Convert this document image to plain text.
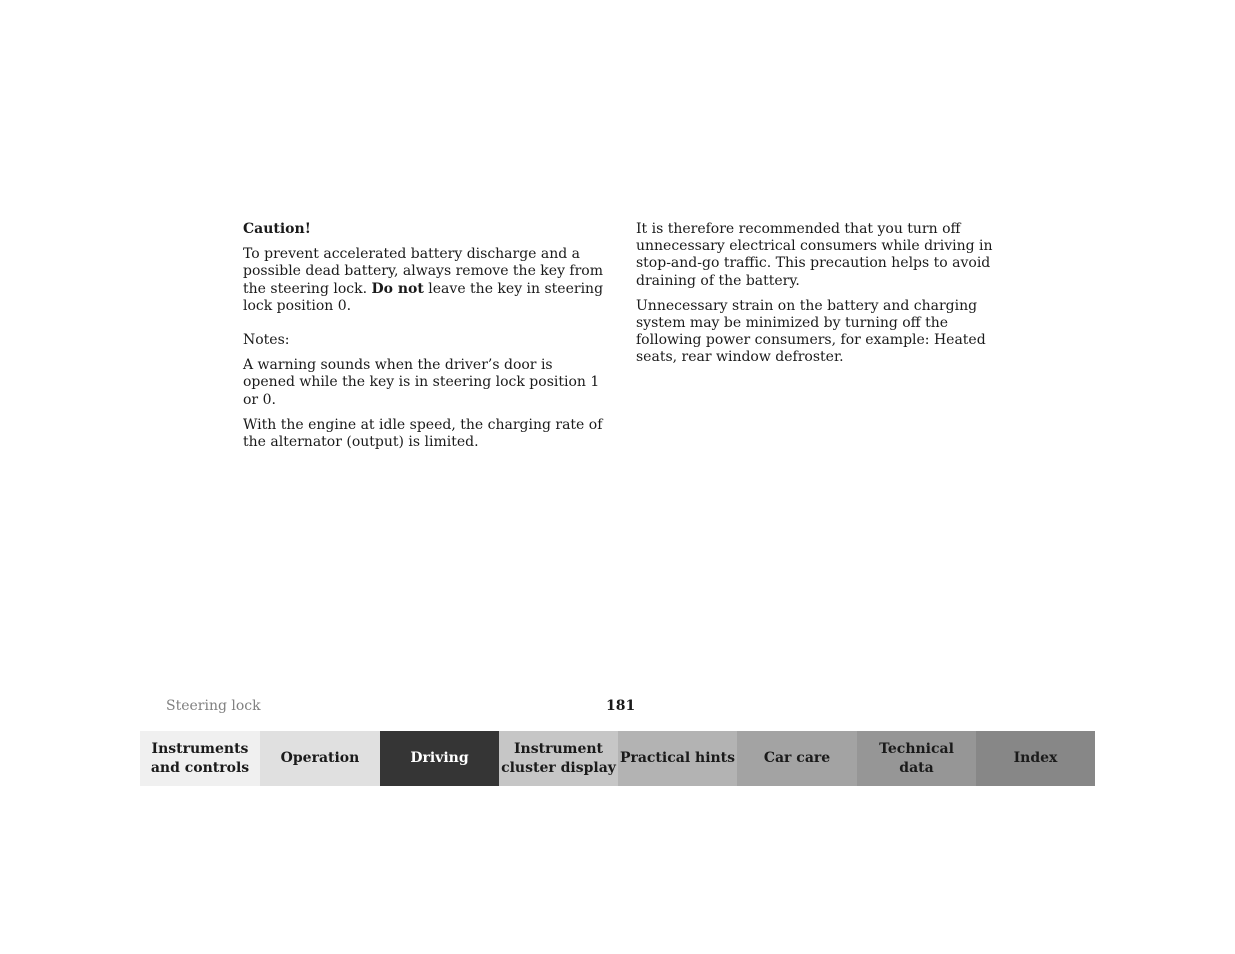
Caution!

To prevent accelerated battery discharge and a possible dead battery, always remove the key from the steering lock. Do not leave the key in steering lock position 0.

Notes:

A warning sounds when the driver’s door is opened while the key is in steering lock position 1 or 0.

With the engine at idle speed, the charging rate of the alternator (output) is limited.

It is therefore recommended that you turn off unnecessary electrical consumers while driving in stop-and-go traffic. This precaution helps to avoid draining of the battery.

Unnecessary strain on the battery and charging system may be minimized by turning off the following power consumers, for example: Heated seats, rear window defroster.

Steering lock	181
Instruments
and controls
Operation	Driving
Instrument
cluster display
Practical hints Car care
Technical
data
Index
